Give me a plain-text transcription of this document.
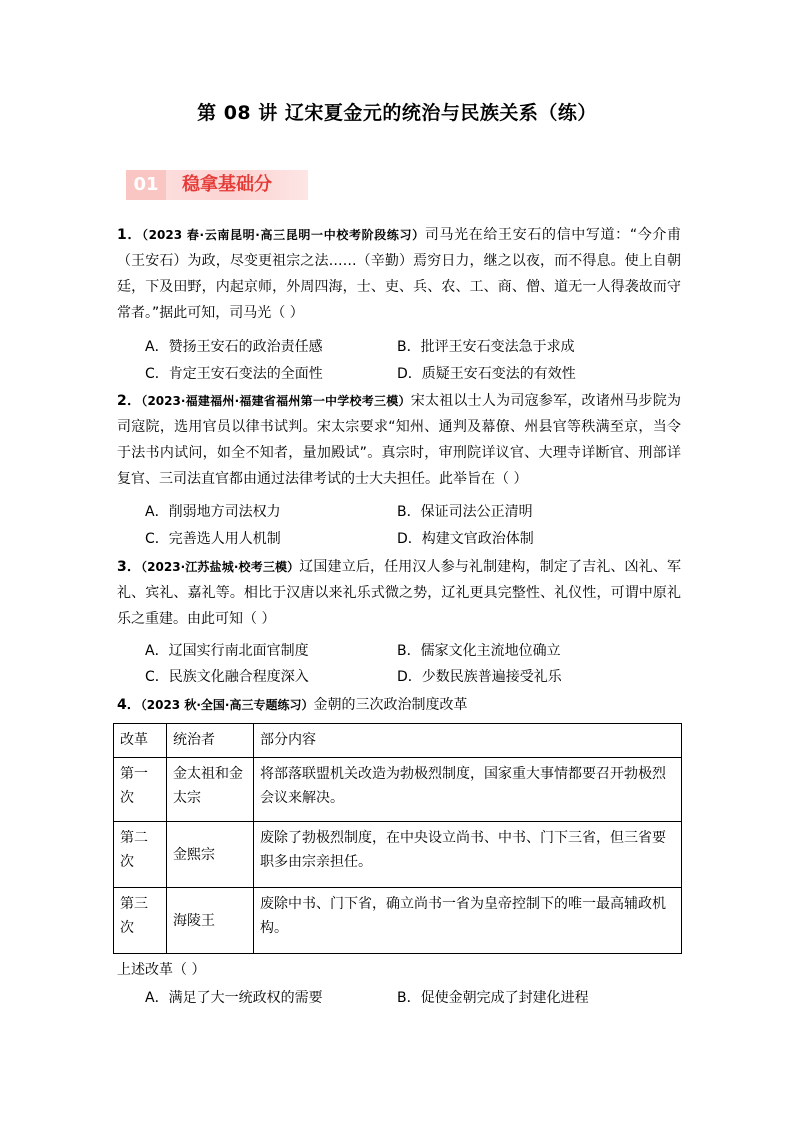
第 08 讲 辽宋夏金元的统治与民族关系（练）
01	稳拿基础分
1．（2023 春·云南昆明·高三昆明一中校考阶段练习）司马光在给王安石的信中写道：“今介甫（王安石）为政，尽变更祖宗之法……（辛勤）焉穷日力，继之以夜，而不得息。使上自朝廷，下及田野，内起京师，外周四海，士、吏、兵、农、工、商、僧、道无一人得袭故而守常者。”据此可知，司马光（ ）
A．赞扬王安石的政治责任感	B．批评王安石变法急于求成
C．肯定王安石变法的全面性	D．质疑王安石变法的有效性
2．（2023·福建福州·福建省福州第一中学校考三模）宋太祖以士人为司寇参军，改诸州马步院为司寇院，选用官员以律书试判。宋太宗要求“知州、通判及幕僚、州县官等秩满至京，当令于法书内试问，如全不知者，量加殿试”。真宗时，审刑院详议官、大理寺详断官、刑部详复官、三司法直官都由通过法律考试的士大夫担任。此举旨在（ ）
A．削弱地方司法权力	B．保证司法公正清明
C．完善选人用人机制	D．构建文官政治体制
3．（2023·江苏盐城·校考三模）辽国建立后，任用汉人参与礼制建构，制定了吉礼、凶礼、军礼、宾礼、嘉礼等。相比于汉唐以来礼乐式微之势，辽礼更具完整性、礼仪性，可谓中原礼乐之重建。由此可知（ ）
A．辽国实行南北面官制度	B．儒家文化主流地位确立
C．民族文化融合程度深入	D．少数民族普遍接受礼乐
4．（2023 秋·全国·高三专题练习）金朝的三次政治制度改革
改革	统治者	部分内容
第一次	金太祖和金太宗	将部落联盟机关改造为勃极烈制度，国家重大事情都要召开勃极烈会议来解决。
第二次	金熙宗	废除了勃极烈制度，在中央设立尚书、中书、门下三省，但三省要职多由宗亲担任。
第三次	海陵王	废除中书、门下省，确立尚书一省为皇帝控制下的唯一最高辅政机构。
上述改革（ ）
A．满足了大一统政权的需要	B．促使金朝完成了封建化进程
